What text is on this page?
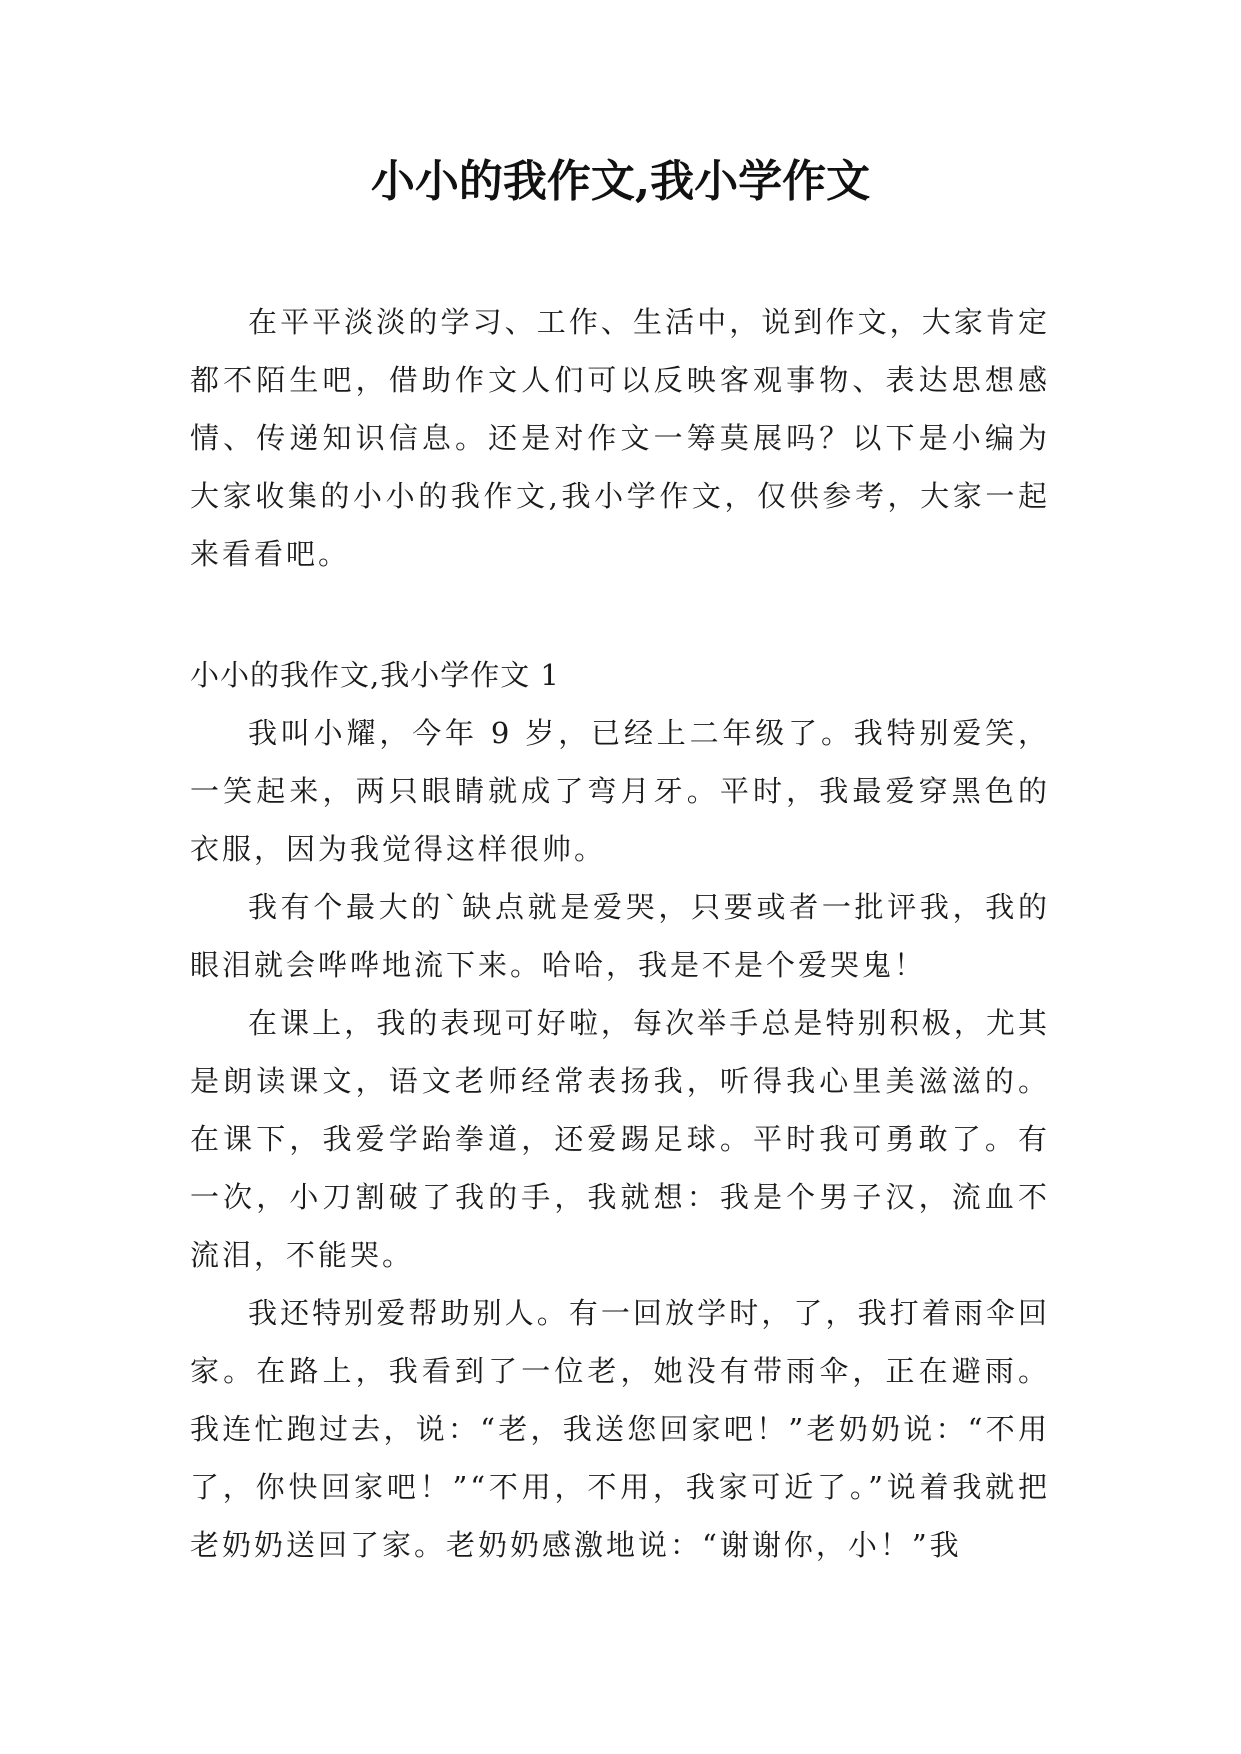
小小的我作文,我小学作文

在平平淡淡的学习、工作、生活中，说到作文，大家肯定都不陌生吧，借助作文人们可以反映客观事物、表达思想感情、传递知识信息。还是对作文一筹莫展吗？以下是小编为大家收集的小小的我作文,我小学作文，仅供参考，大家一起来看看吧。

小小的我作文,我小学作文 1

我叫小耀，今年 9 岁，已经上二年级了。我特别爱笑，一笑起来，两只眼睛就成了弯月牙。平时，我最爱穿黑色的衣服，因为我觉得这样很帅。

我有个最大的`缺点就是爱哭，只要或者一批评我，我的眼泪就会哗哗地流下来。哈哈，我是不是个爱哭鬼！

在课上，我的表现可好啦，每次举手总是特别积极，尤其是朗读课文，语文老师经常表扬我，听得我心里美滋滋的。在课下，我爱学跆拳道，还爱踢足球。平时我可勇敢了。有一次，小刀割破了我的手，我就想：我是个男子汉，流血不流泪，不能哭。

我还特别爱帮助别人。有一回放学时，了，我打着雨伞回家。在路上，我看到了一位老，她没有带雨伞，正在避雨。我连忙跑过去，说：“老，我送您回家吧！”老奶奶说：“不用了，你快回家吧！”“不用，不用，我家可近了。”说着我就把老奶奶送回了家。老奶奶感激地说：“谢谢你，小！”我
